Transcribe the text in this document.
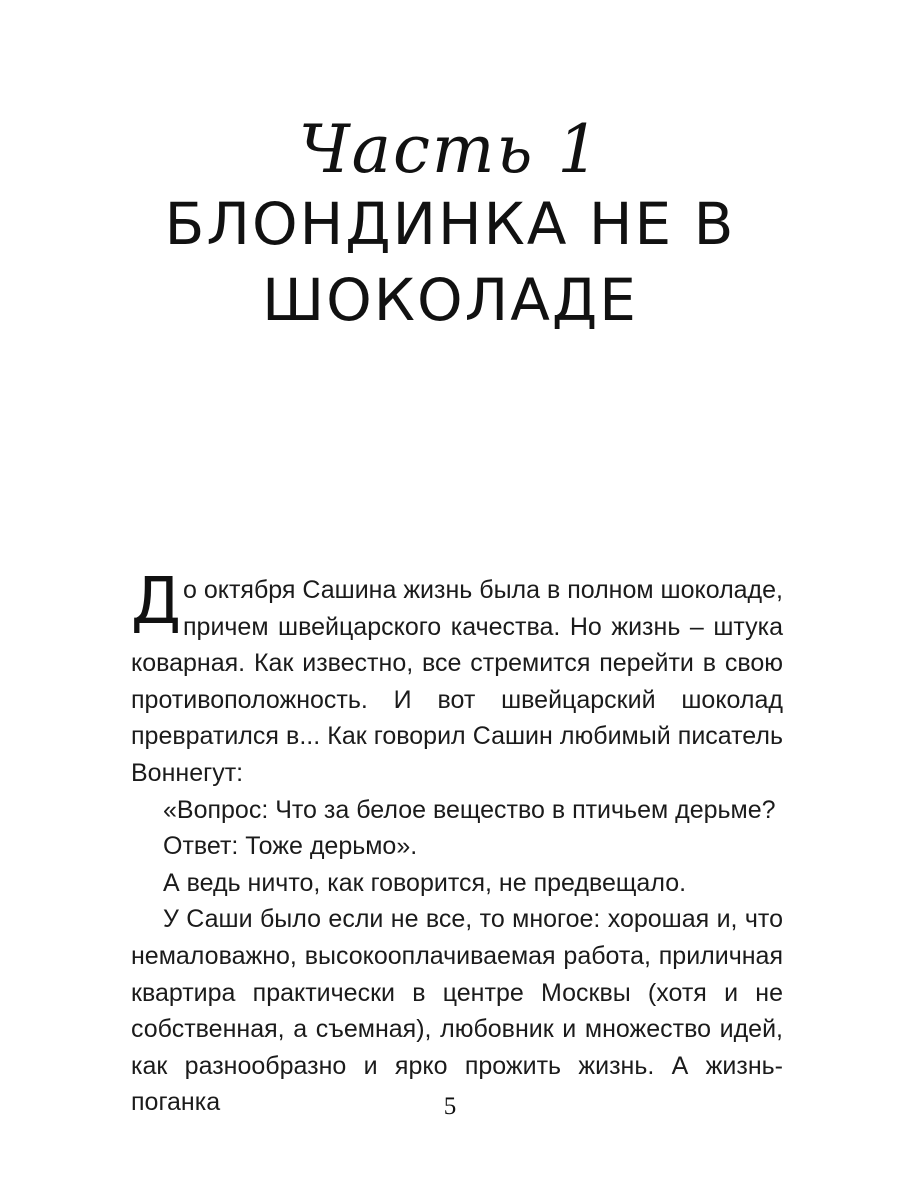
Часть 1
БЛОНДИНКА НЕ В
ШОКОЛАДЕ

До октября Сашина жизнь была в полном шоколаде, причем швейцарского качества. Но жизнь – штука коварная. Как известно, все стремится перейти в свою противоположность. И вот швейцарский шоколад превратился в... Как говорил Сашин любимый писатель Воннегут:

«Вопрос: Что за белое вещество в птичьем дерьме?

Ответ: Тоже дерьмо».

А ведь ничто, как говорится, не предвещало.

У Саши было если не все, то многое: хорошая и, что немаловажно, высокооплачиваемая работа, приличная квартира практически в центре Москвы (хотя и не собственная, а съемная), любовник и множество идей, как разнообразно и ярко прожить жизнь. А жизнь-поганка	5
